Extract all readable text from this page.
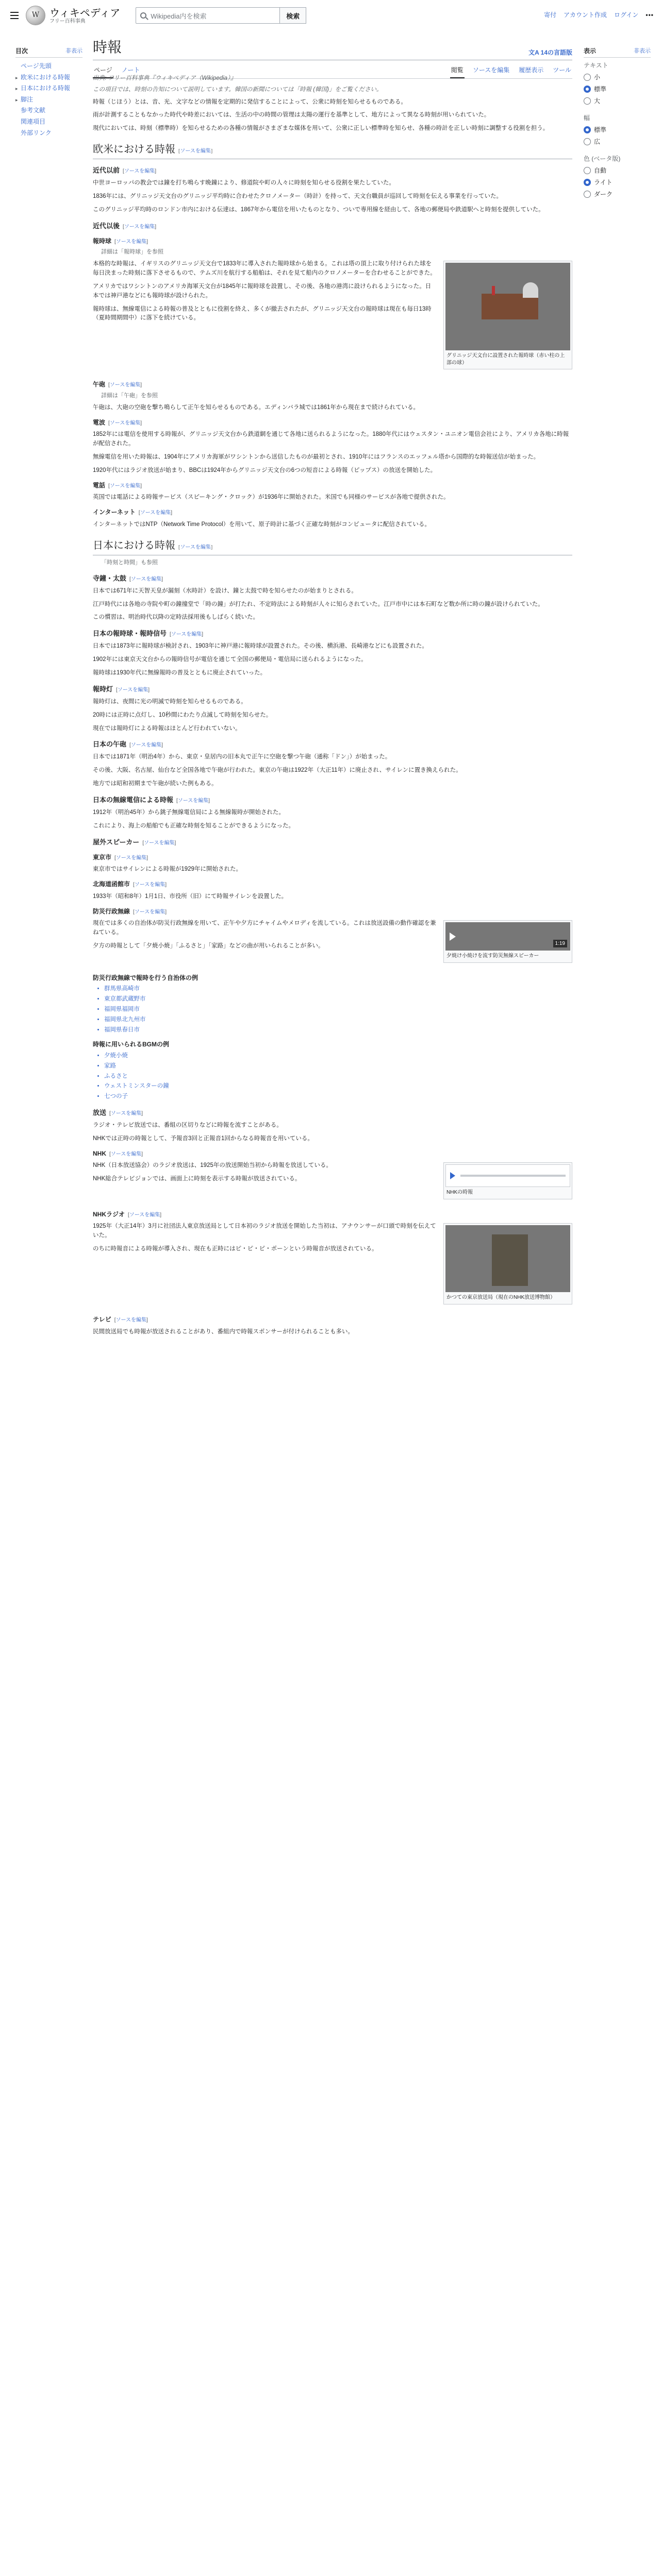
W
ウィキペディア
フリー百科事典
Wikipedia内を検索	検索	寄付 アカウント作成 ログイン •••
時報	文A 14の言語版
ページ ノート	閲覧 ソースを編集 履歴表示 ツール
目次	非表示
ページ先頭
▸ 欧米における時報
▸ 日本における時報
▸ 脚注
参考文献
関連項目
外部リンク
表示	非表示
テキスト
小
標準
大
幅
標準
広
色 (ベータ版)
自動
ライト
ダーク
出典: フリー百科事典『ウィキペディア（Wikipedia）』
この項目では、時刻の告知について説明しています。韓国の新聞については「時報 (韓国)」をご覧ください。

時報（じほう）とは、音、光、文字などの情報を定期的に発信することによって、公衆に時刻を知らせるものである。

雨が計測することもなかった時代や時差においては、生活の中の時間の管理は太陽の運行を基準として、地方によって異なる時刻が用いられていた。

現代においては、時刻（標準時）を知らせるための各種の情報がさまざまな媒体を用いて、公衆に正しい標準時を知らせ、各種の時計を正しい時刻に調整する役割を担う。

欧米における時報 [ソースを編集]
近代以前 [ソースを編集]

中世ヨーロッパの教会では鐘を打ち鳴らす晩鐘により、修道院や町の人々に時刻を知らせる役割を果たしていた。

1836年には、グリニッジ天文台のグリニッジ平均時に合わせたクロノメーター（時計）を持って、天文台職員が巡回して時刻を伝える事業を行っていた。

このグリニッジ平均時のロンドン市内における伝達は、1867年から電信を用いたものとなり、ついで専用線を経由して、各地の郵便局や鉄道駅へと時刻を提供していた。

近代以後 [ソースを編集]
報時球 [ソースを編集]
詳細は「報時球」を参照
グリニッジ天文台に設置された報時球（赤い柱の上部の球）

本格的な時報は、イギリスのグリニッジ天文台で1833年に導入された報時球から始まる。これは塔の頂上に取り付けられた球を毎日決まった時刻に落下させるもので、テムズ川を航行する船舶は、それを見て船内のクロノメーターを合わせることができた。

アメリカではワシントンのアメリカ海軍天文台が1845年に報時球を設置し、その後、各地の港湾に設けられるようになった。日本では神戸港などにも報時球が設けられた。

報時球は、無線電信による時報の普及とともに役割を終え、多くが撤去されたが、グリニッジ天文台の報時球は現在も毎日13時（夏時間期間中）に落下を続けている。

午砲 [ソースを編集]
詳細は「午砲」を参照

午砲は、大砲の空砲を撃ち鳴らして正午を知らせるものである。エディンバラ城では1861年から現在まで続けられている。

電波 [ソースを編集]

1852年には電信を使用する時報が、グリニッジ天文台から鉄道網を通じて各地に送られるようになった。1880年代にはウェスタン・ユニオン電信会社により、アメリカ各地に時報が配信された。

無線電信を用いた時報は、1904年にアメリカ海軍がワシントンから送信したものが最初とされ、1910年にはフランスのエッフェル塔から国際的な時報送信が始まった。

1920年代にはラジオ放送が始まり、BBCは1924年からグリニッジ天文台の6つの短音による時報（ピップス）の放送を開始した。

電話 [ソースを編集]

英国では電話による時報サービス（スピーキング・クロック）が1936年に開始された。米国でも同様のサービスが各地で提供された。

インターネット [ソースを編集]

インターネットではNTP（Network Time Protocol）を用いて、原子時計に基づく正確な時刻がコンピュータに配信されている。

日本における時報 [ソースを編集]
「時刻と時間」も参照
寺鐘・太鼓 [ソースを編集]

日本では671年に天智天皇が漏刻（水時計）を設け、鐘と太鼓で時を知らせたのが始まりとされる。

江戸時代には各地の寺院や町の鐘撞堂で「時の鐘」が打たれ、不定時法による時刻が人々に知らされていた。江戸市中には本石町など数か所に時の鐘が設けられていた。

この慣習は、明治時代以降の定時法採用後もしばらく続いた。

日本の報時球・報時信号 [ソースを編集]

日本では1873年に報時球が検討され、1903年に神戸港に報時球が設置された。その後、横浜港、長崎港などにも設置された。

1902年には東京天文台からの報時信号が電信を通じて全国の郵便局・電信局に送られるようになった。

報時球は1930年代に無線報時の普及とともに廃止されていった。

報時灯 [ソースを編集]

報時灯は、夜間に光の明滅で時刻を知らせるものである。

20時には正時に点灯し、10秒間にわたり点滅して時刻を知らせた。

現在では報時灯による時報はほとんど行われていない。

日本の午砲 [ソースを編集]

日本では1871年（明治4年）から、東京・皇居内の旧本丸で正午に空砲を撃つ午砲（通称「ドン」）が始まった。

その後、大阪、名古屋、仙台など全国各地で午砲が行われた。東京の午砲は1922年（大正11年）に廃止され、サイレンに置き換えられた。

地方では昭和初期まで午砲が続いた例もある。

日本の無線電信による時報 [ソースを編集]

1912年（明治45年）から銚子無線電信局による無線報時が開始された。

これにより、海上の船舶でも正確な時刻を知ることができるようになった。

屋外スピーカー [ソースを編集]
東京市 [ソースを編集]

東京市ではサイレンによる時報が1929年に開始された。

北海道函館市 [ソースを編集]

1933年（昭和8年）1月1日、市役所（旧）にて時報サイレンを設置した。

防災行政無線 [ソースを編集]
1:19
夕焼け小焼けを流す防災無線スピーカー

現在では多くの自治体が防災行政無線を用いて、正午や夕方にチャイムやメロディを流している。これは放送設備の動作確認を兼ねている。

夕方の時報として「夕焼小焼」「ふるさと」「家路」などの曲が用いられることが多い。

防災行政無線で報時を行う自治体の例
• 群馬県高崎市
• 東京都武蔵野市
• 福岡県福岡市
• 福岡県北九州市
• 福岡県春日市
時報に用いられるBGMの例
• 夕焼小焼
• 家路
• ふるさと
• ウェストミンスターの鐘
• 七つの子
放送 [ソースを編集]

ラジオ・テレビ放送では、番組の区切りなどに時報を流すことがある。

NHKでは正時の時報として、予報音3回と正報音1回からなる時報音を用いている。

NHK [ソースを編集]
NHKの時報

NHK（日本放送協会）のラジオ放送は、1925年の放送開始当初から時報を放送している。

NHK総合テレビジョンでは、画面上に時刻を表示する時報が放送されている。

NHKラジオ [ソースを編集]
かつての東京放送局（現在のNHK放送博物館）

1925年（大正14年）3月に社団法人東京放送局として日本初のラジオ放送を開始した当初は、アナウンサーが口頭で時刻を伝えていた。

のちに時報音による時報が導入され、現在も正時にはピ・ピ・ピ・ポーンという時報音が放送されている。

テレビ [ソースを編集]

民間放送局でも時報が放送されることがあり、番組内で時報スポンサーが付けられることも多い。
